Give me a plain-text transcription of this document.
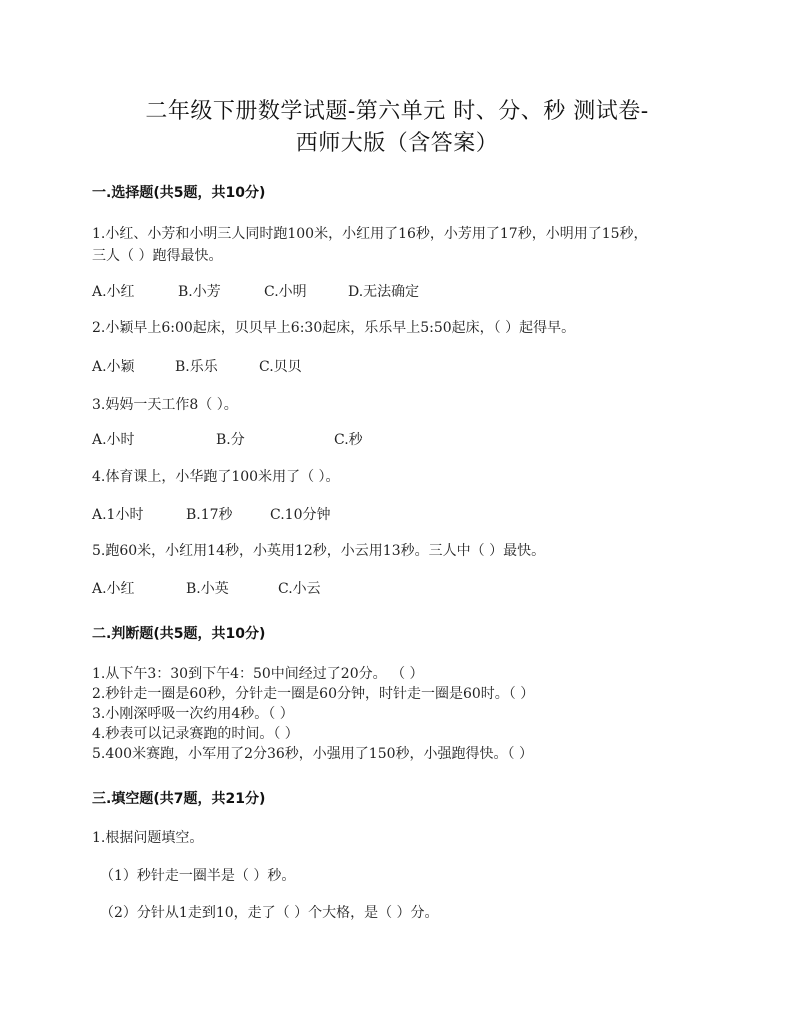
二年级下册数学试题-第六单元 时、分、秒 测试卷-
西师大版（含答案）
一.选择题(共5题，共10分)
1.小红、小芳和小明三人同时跑100米，小红用了16秒，小芳用了17秒，小明用了15秒，
三人（ ）跑得最快。
A.小红	B.小芳	C.小明	D.无法确定
2.小颖早上6:00起床，贝贝早上6:30起床，乐乐早上5:50起床，（ ）起得早。
A.小颖	B.乐乐	C.贝贝
3.妈妈一天工作8（ ）。
A.小时	B.分	C.秒
4.体育课上，小华跑了100米用了（ ）。
A.1小时	B.17秒	C.10分钟
5.跑60米，小红用14秒，小英用12秒，小云用13秒。三人中（ ）最快。
A.小红	B.小英	C.小云
二.判断题(共5题，共10分)
1.从下午3：30到下午4：50中间经过了20分。 （ ）
2.秒针走一圈是60秒，分针走一圈是60分钟，时针走一圈是60时。（ ）
3.小刚深呼吸一次约用4秒。（ ）
4.秒表可以记录赛跑的时间。（ ）
5.400米赛跑，小军用了2分36秒，小强用了150秒，小强跑得快。（ ）
三.填空题(共7题，共21分)
1.根据问题填空。
（1）秒针走一圈半是（ ）秒。
（2）分针从1走到10，走了（ ）个大格，是（ ）分。
